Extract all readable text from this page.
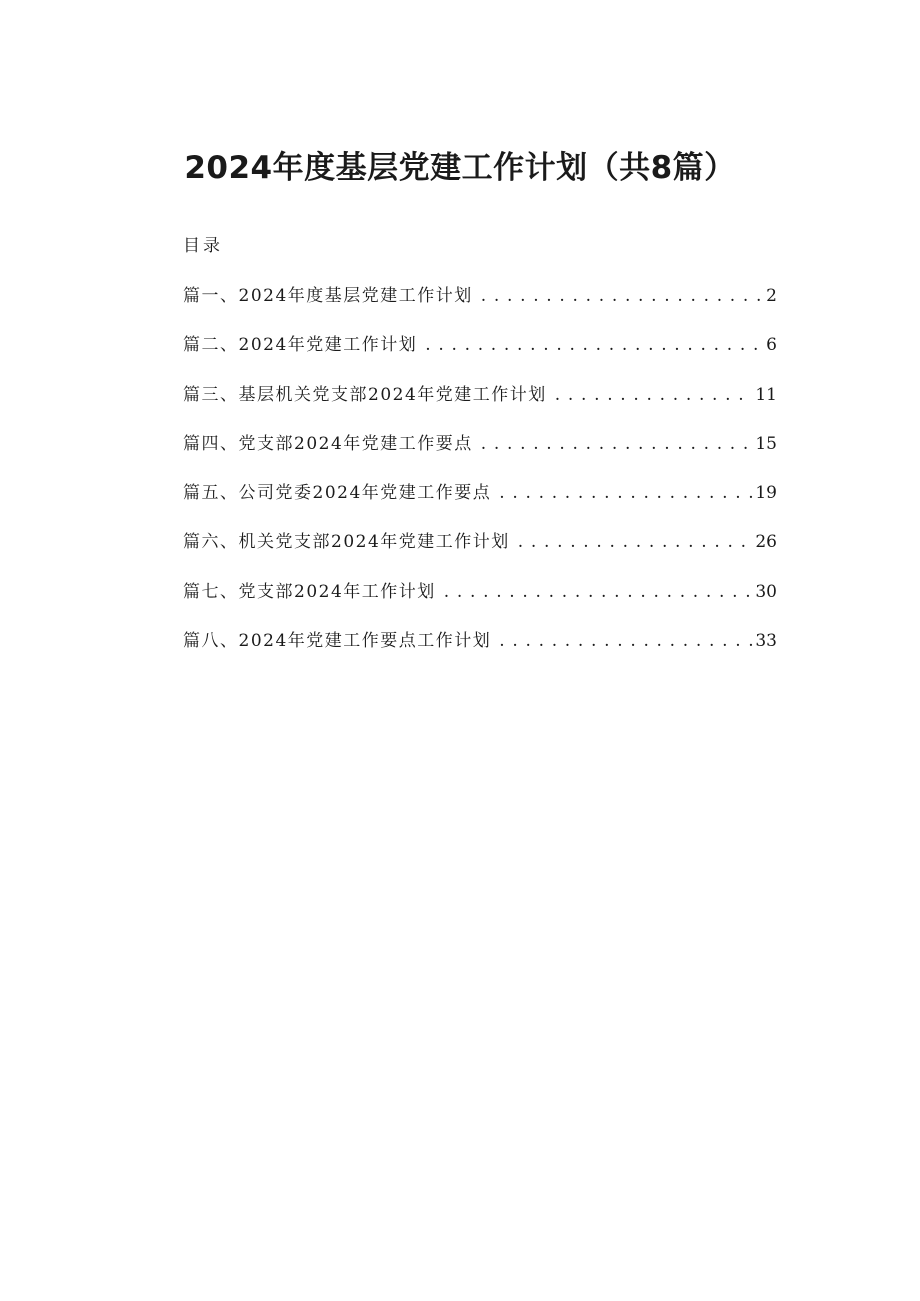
2024年度基层党建工作计划（共8篇）
目录
篇一、2024年度基层党建工作计划 . . .	2
篇二、2024年党建工作计划 . . .	6
篇三、基层机关党支部2024年党建工作计划 . . .	11
篇四、党支部2024年党建工作要点 . . .	15
篇五、公司党委2024年党建工作要点 . . .	19
篇六、机关党支部2024年党建工作计划 . . .	26
篇七、党支部2024年工作计划 . . .	30
篇八、2024年党建工作要点工作计划 . . .	33
